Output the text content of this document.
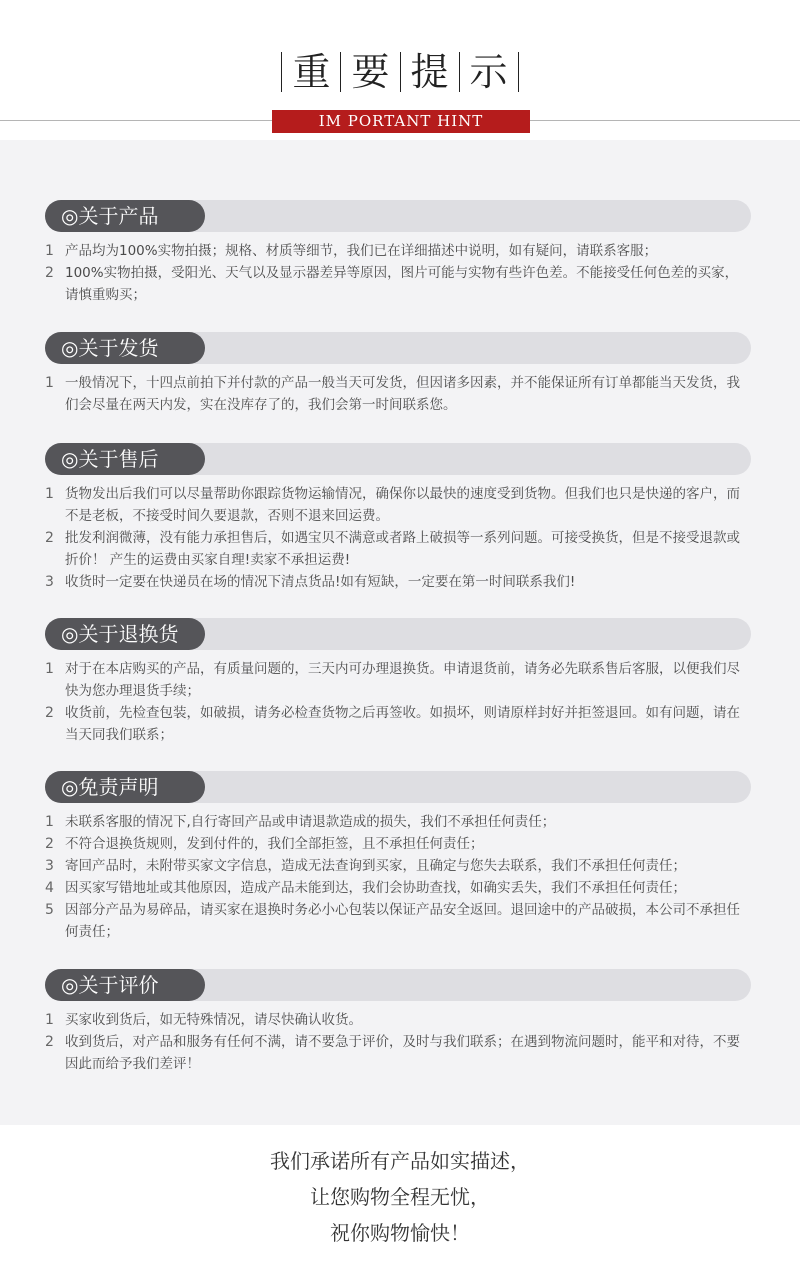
重 要 提 示
IM PORTANT HINT
◎关于产品
1 产品均为100%实物拍摄；规格、材质等细节，我们已在详细描述中说明，如有疑问，请联系客服；
2 100%实物拍摄，受阳光、天气以及显示器差异等原因，图片可能与实物有些许色差。不能接受任何色差的买家，请慎重购买；
◎关于发货
1 一般情况下，十四点前拍下并付款的产品一般当天可发货，但因诸多因素，并不能保证所有订单都能当天发货，我们会尽量在两天内发，实在没库存了的，我们会第一时间联系您。
◎关于售后
1 货物发出后我们可以尽量帮助你跟踪货物运输情况，确保你以最快的速度受到货物。但我们也只是快递的客户，而不是老板，不接受时间久要退款，否则不退来回运费。
2 批发利润微薄，没有能力承担售后，如遇宝贝不满意或者路上破损等一系列问题。可接受换货，但是不接受退款或折价！ 产生的运费由买家自理!卖家不承担运费!
3 收货时一定要在快递员在场的情况下清点货品!如有短缺，一定要在第一时间联系我们!
◎关于退换货
1 对于在本店购买的产品，有质量问题的，三天内可办理退换货。申请退货前，请务必先联系售后客服，以便我们尽快为您办理退货手续；
2 收货前，先检查包装，如破损，请务必检查货物之后再签收。如损坏，则请原样封好并拒签退回。如有问题，请在当天同我们联系；
◎免责声明
1 未联系客服的情况下,自行寄回产品或申请退款造成的损失，我们不承担任何责任；
2 不符合退换货规则，发到付件的，我们全部拒签，且不承担任何责任；
3 寄回产品时，未附带买家文字信息，造成无法查询到买家，且确定与您失去联系，我们不承担任何责任；
4 因买家写错地址或其他原因，造成产品未能到达，我们会协助查找，如确实丢失，我们不承担任何责任；
5 因部分产品为易碎品，请买家在退换时务必小心包装以保证产品安全返回。退回途中的产品破损，本公司不承担任何责任；
◎关于评价
1 买家收到货后，如无特殊情况，请尽快确认收货。
2 收到货后，对产品和服务有任何不满，请不要急于评价，及时与我们联系；在遇到物流问题时，能平和对待，不要因此而给予我们差评！
我们承诺所有产品如实描述，
让您购物全程无忧，
祝你购物愉快！
